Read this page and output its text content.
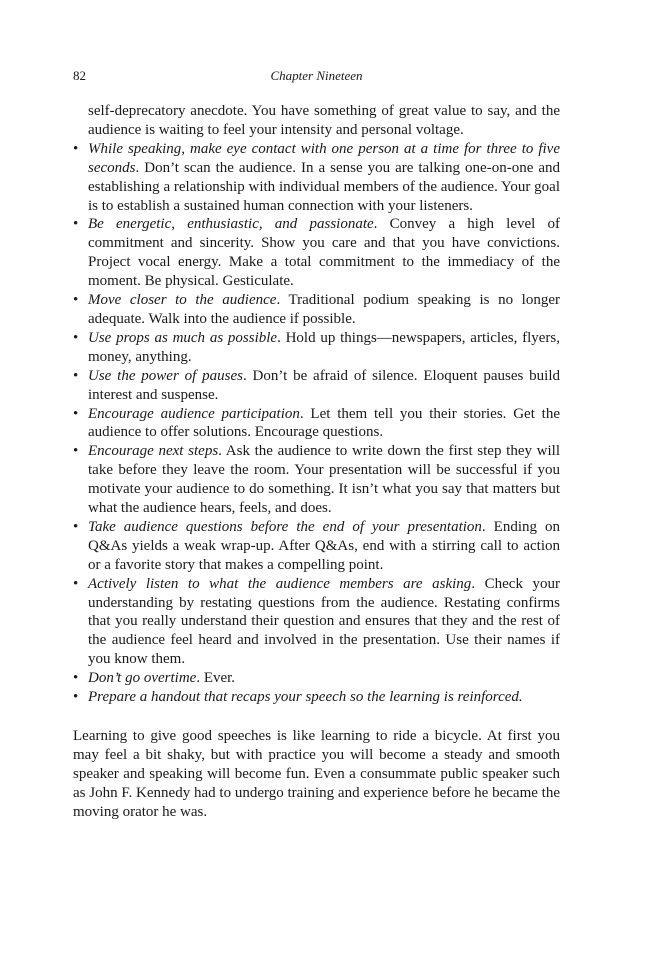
82	Chapter Nineteen

self-deprecatory anecdote. You have something of great value to say, and the audience is waiting to feel your intensity and personal voltage.

• While speaking, make eye contact with one person at a time for three to five seconds. Don’t scan the audience. In a sense you are talking one-on-one and establishing a relationship with individual members of the audience. Your goal is to establish a sustained human connection with your listeners.
• Be energetic, enthusiastic, and passionate. Convey a high level of commitment and sincerity. Show you care and that you have convictions. Project vocal energy. Make a total commitment to the immediacy of the moment. Be physical. Gesticulate.
• Move closer to the audience. Traditional podium speaking is no longer adequate. Walk into the audience if possible.
• Use props as much as possible. Hold up things—newspapers, articles, flyers, money, anything.
• Use the power of pauses. Don’t be afraid of silence. Eloquent pauses build interest and suspense.
• Encourage audience participation. Let them tell you their stories. Get the audience to offer solutions. Encourage questions.
• Encourage next steps. Ask the audience to write down the first step they will take before they leave the room. Your presentation will be successful if you motivate your audience to do something. It isn’t what you say that matters but what the audience hears, feels, and does.
• Take audience questions before the end of your presentation. Ending on Q&As yields a weak wrap-up. After Q&As, end with a stirring call to action or a favorite story that makes a compelling point.
• Actively listen to what the audience members are asking. Check your understanding by restating questions from the audience. Restating confirms that you really understand their question and ensures that they and the rest of the audience feel heard and involved in the presentation. Use their names if you know them.
• Don’t go overtime. Ever.
• Prepare a handout that recaps your speech so the learning is reinforced.

Learning to give good speeches is like learning to ride a bicycle. At first you may feel a bit shaky, but with practice you will become a steady and smooth speaker and speaking will become fun. Even a consummate public speaker such as John F. Kennedy had to undergo training and experience before he became the moving orator he was.
